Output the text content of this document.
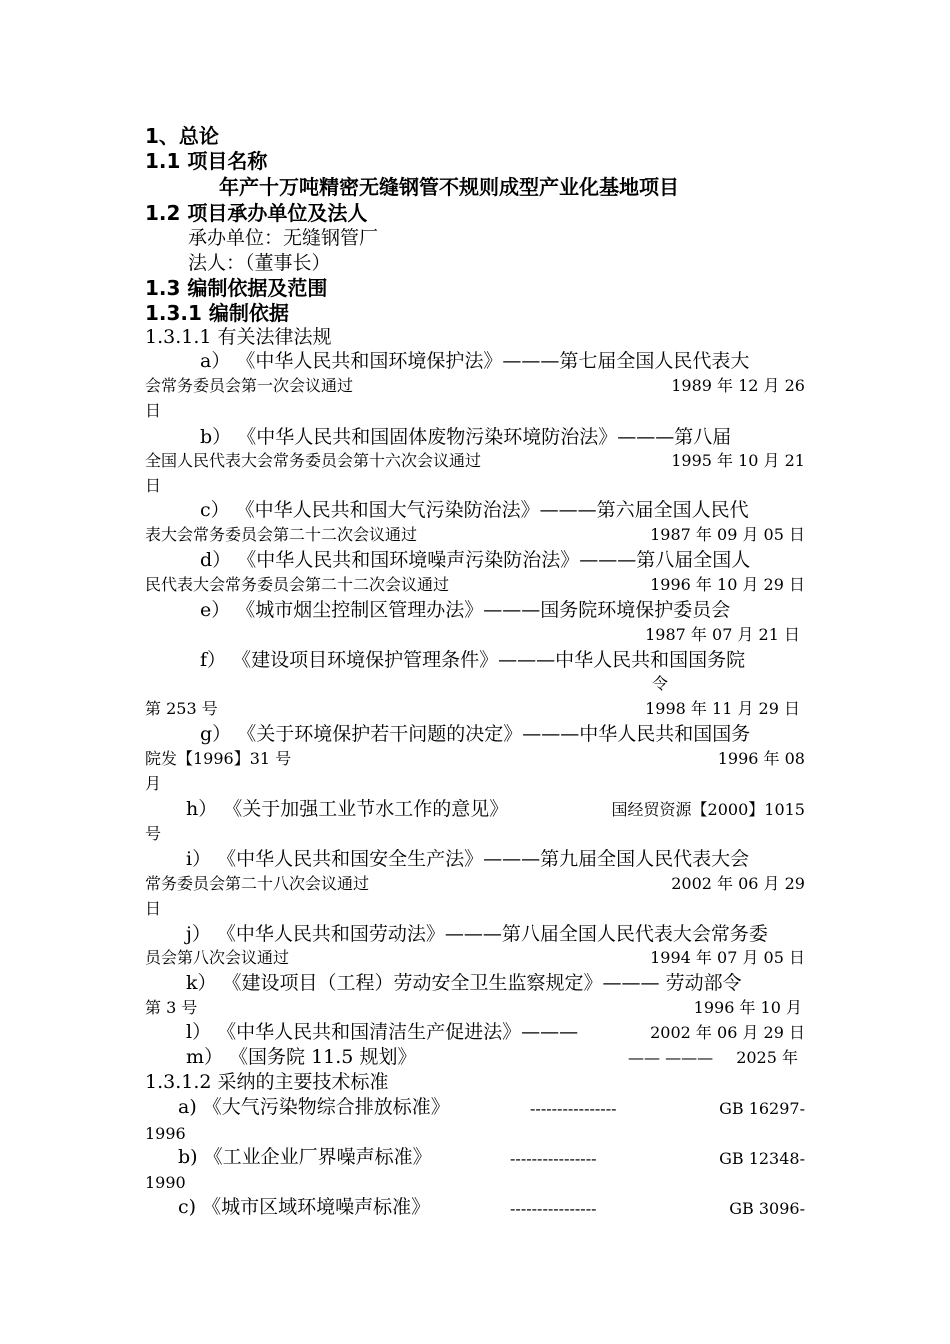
1、总论
1.1 项目名称
年产十万吨精密无缝钢管不规则成型产业化基地项目
1.2 项目承办单位及法人
承办单位：无缝钢管厂
法人：（董事长）
1.3 编制依据及范围
1.3.1 编制依据
1.3.1.1 有关法律法规
a） 《中华人民共和国环境保护法》———第七届全国人民代表大
会常务委员会第一次会议通过	1989 年 12 月 26
日
b） 《中华人民共和国固体废物污染环境防治法》———第八届
全国人民代表大会常务委员会第十六次会议通过	1995 年 10 月 21
日
c） 《中华人民共和国大气污染防治法》———第六届全国人民代
表大会常务委员会第二十二次会议通过	1987 年 09 月 05 日
d） 《中华人民共和国环境噪声污染防治法》———第八届全国人
民代表大会常务委员会第二十二次会议通过	1996 年 10 月 29 日
e） 《城市烟尘控制区管理办法》———国务院环境保护委员会
1987 年 07 月 21 日
f） 《建设项目环境保护管理条件》———中华人民共和国国务院
令
第 253 号	1998 年 11 月 29 日
g） 《关于环境保护若干问题的决定》———中华人民共和国国务
院发【1996】31 号	1996 年 08
月
h） 《关于加强工业节水工作的意见》	国经贸资源【2000】1015
号
i） 《中华人民共和国安全生产法》———第九届全国人民代表大会
常务委员会第二十八次会议通过	2002 年 06 月 29
日
j） 《中华人民共和国劳动法》———第八届全国人民代表大会常务委
员会第八次会议通过	1994 年 07 月 05 日
k） 《建设项目（工程）劳动安全卫生监察规定》——— 劳动部令
第 3 号	1996 年 10 月
l） 《中华人民共和国清洁生产促进法》———	2002 年 06 月 29 日
m） 《国务院 11.5 规划》	—— ——— 2025 年
1.3.1.2 采纳的主要技术标准
a) 《大气污染物综合排放标准》	----------------	GB 16297-
1996
b) 《工业企业厂界噪声标准》	----------------	GB 12348-
1990
c) 《城市区域环境噪声标准》	----------------	GB 3096-
